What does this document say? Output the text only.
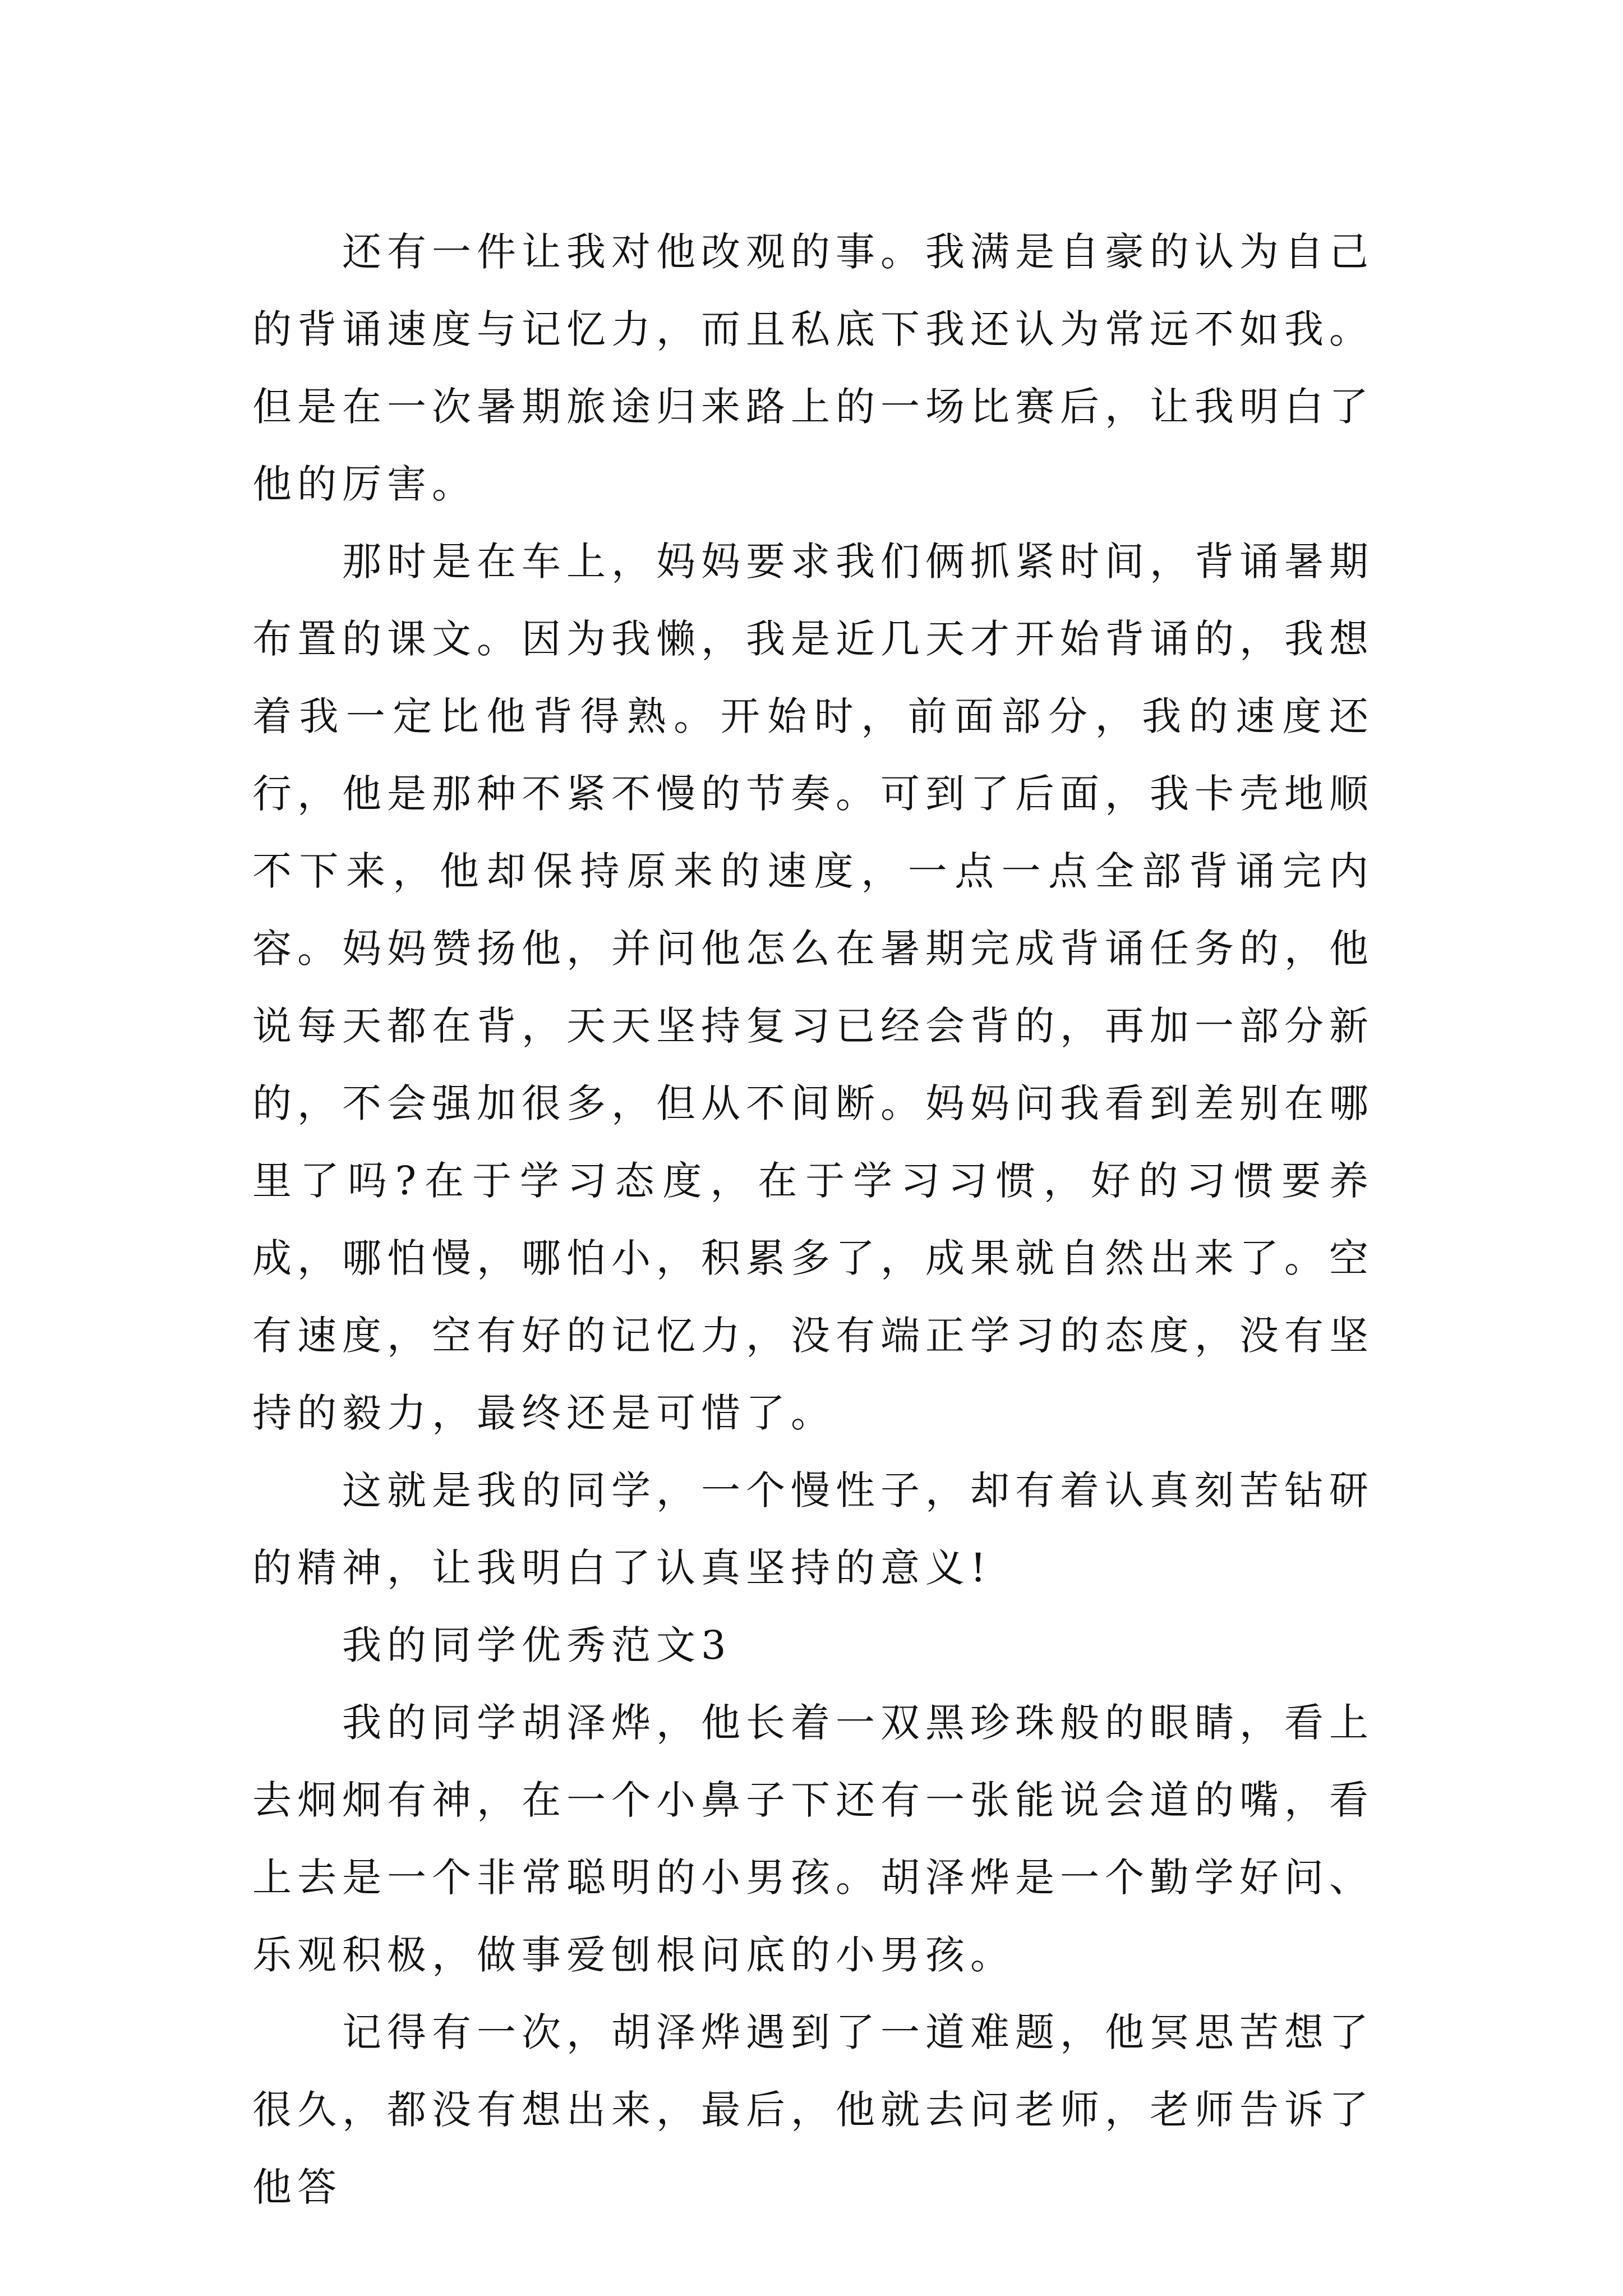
还有一件让我对他改观的事。我满是自豪的认为自己的背诵速度与记忆力，而且私底下我还认为常远不如我。但是在一次暑期旅途归来路上的一场比赛后，让我明白了他的厉害。

那时是在车上，妈妈要求我们俩抓紧时间，背诵暑期布置的课文。因为我懒，我是近几天才开始背诵的，我想着我一定比他背得熟。开始时，前面部分，我的速度还行，他是那种不紧不慢的节奏。可到了后面，我卡壳地顺不下来，他却保持原来的速度，一点一点全部背诵完内容。妈妈赞扬他，并问他怎么在暑期完成背诵任务的，他说每天都在背，天天坚持复习已经会背的，再加一部分新的，不会强加很多，但从不间断。妈妈问我看到差别在哪里了吗?在于学习态度，在于学习习惯，好的习惯要养成，哪怕慢，哪怕小，积累多了，成果就自然出来了。空有速度，空有好的记忆力，没有端正学习的态度，没有坚持的毅力，最终还是可惜了。

这就是我的同学，一个慢性子，却有着认真刻苦钻研的精神，让我明白了认真坚持的意义!

我的同学优秀范文3

我的同学胡泽烨，他长着一双黑珍珠般的眼睛，看上去炯炯有神，在一个小鼻子下还有一张能说会道的嘴，看上去是一个非常聪明的小男孩。胡泽烨是一个勤学好问、乐观积极，做事爱刨根问底的小男孩。

记得有一次，胡泽烨遇到了一道难题，他冥思苦想了很久，都没有想出来，最后，他就去问老师，老师告诉了他答
